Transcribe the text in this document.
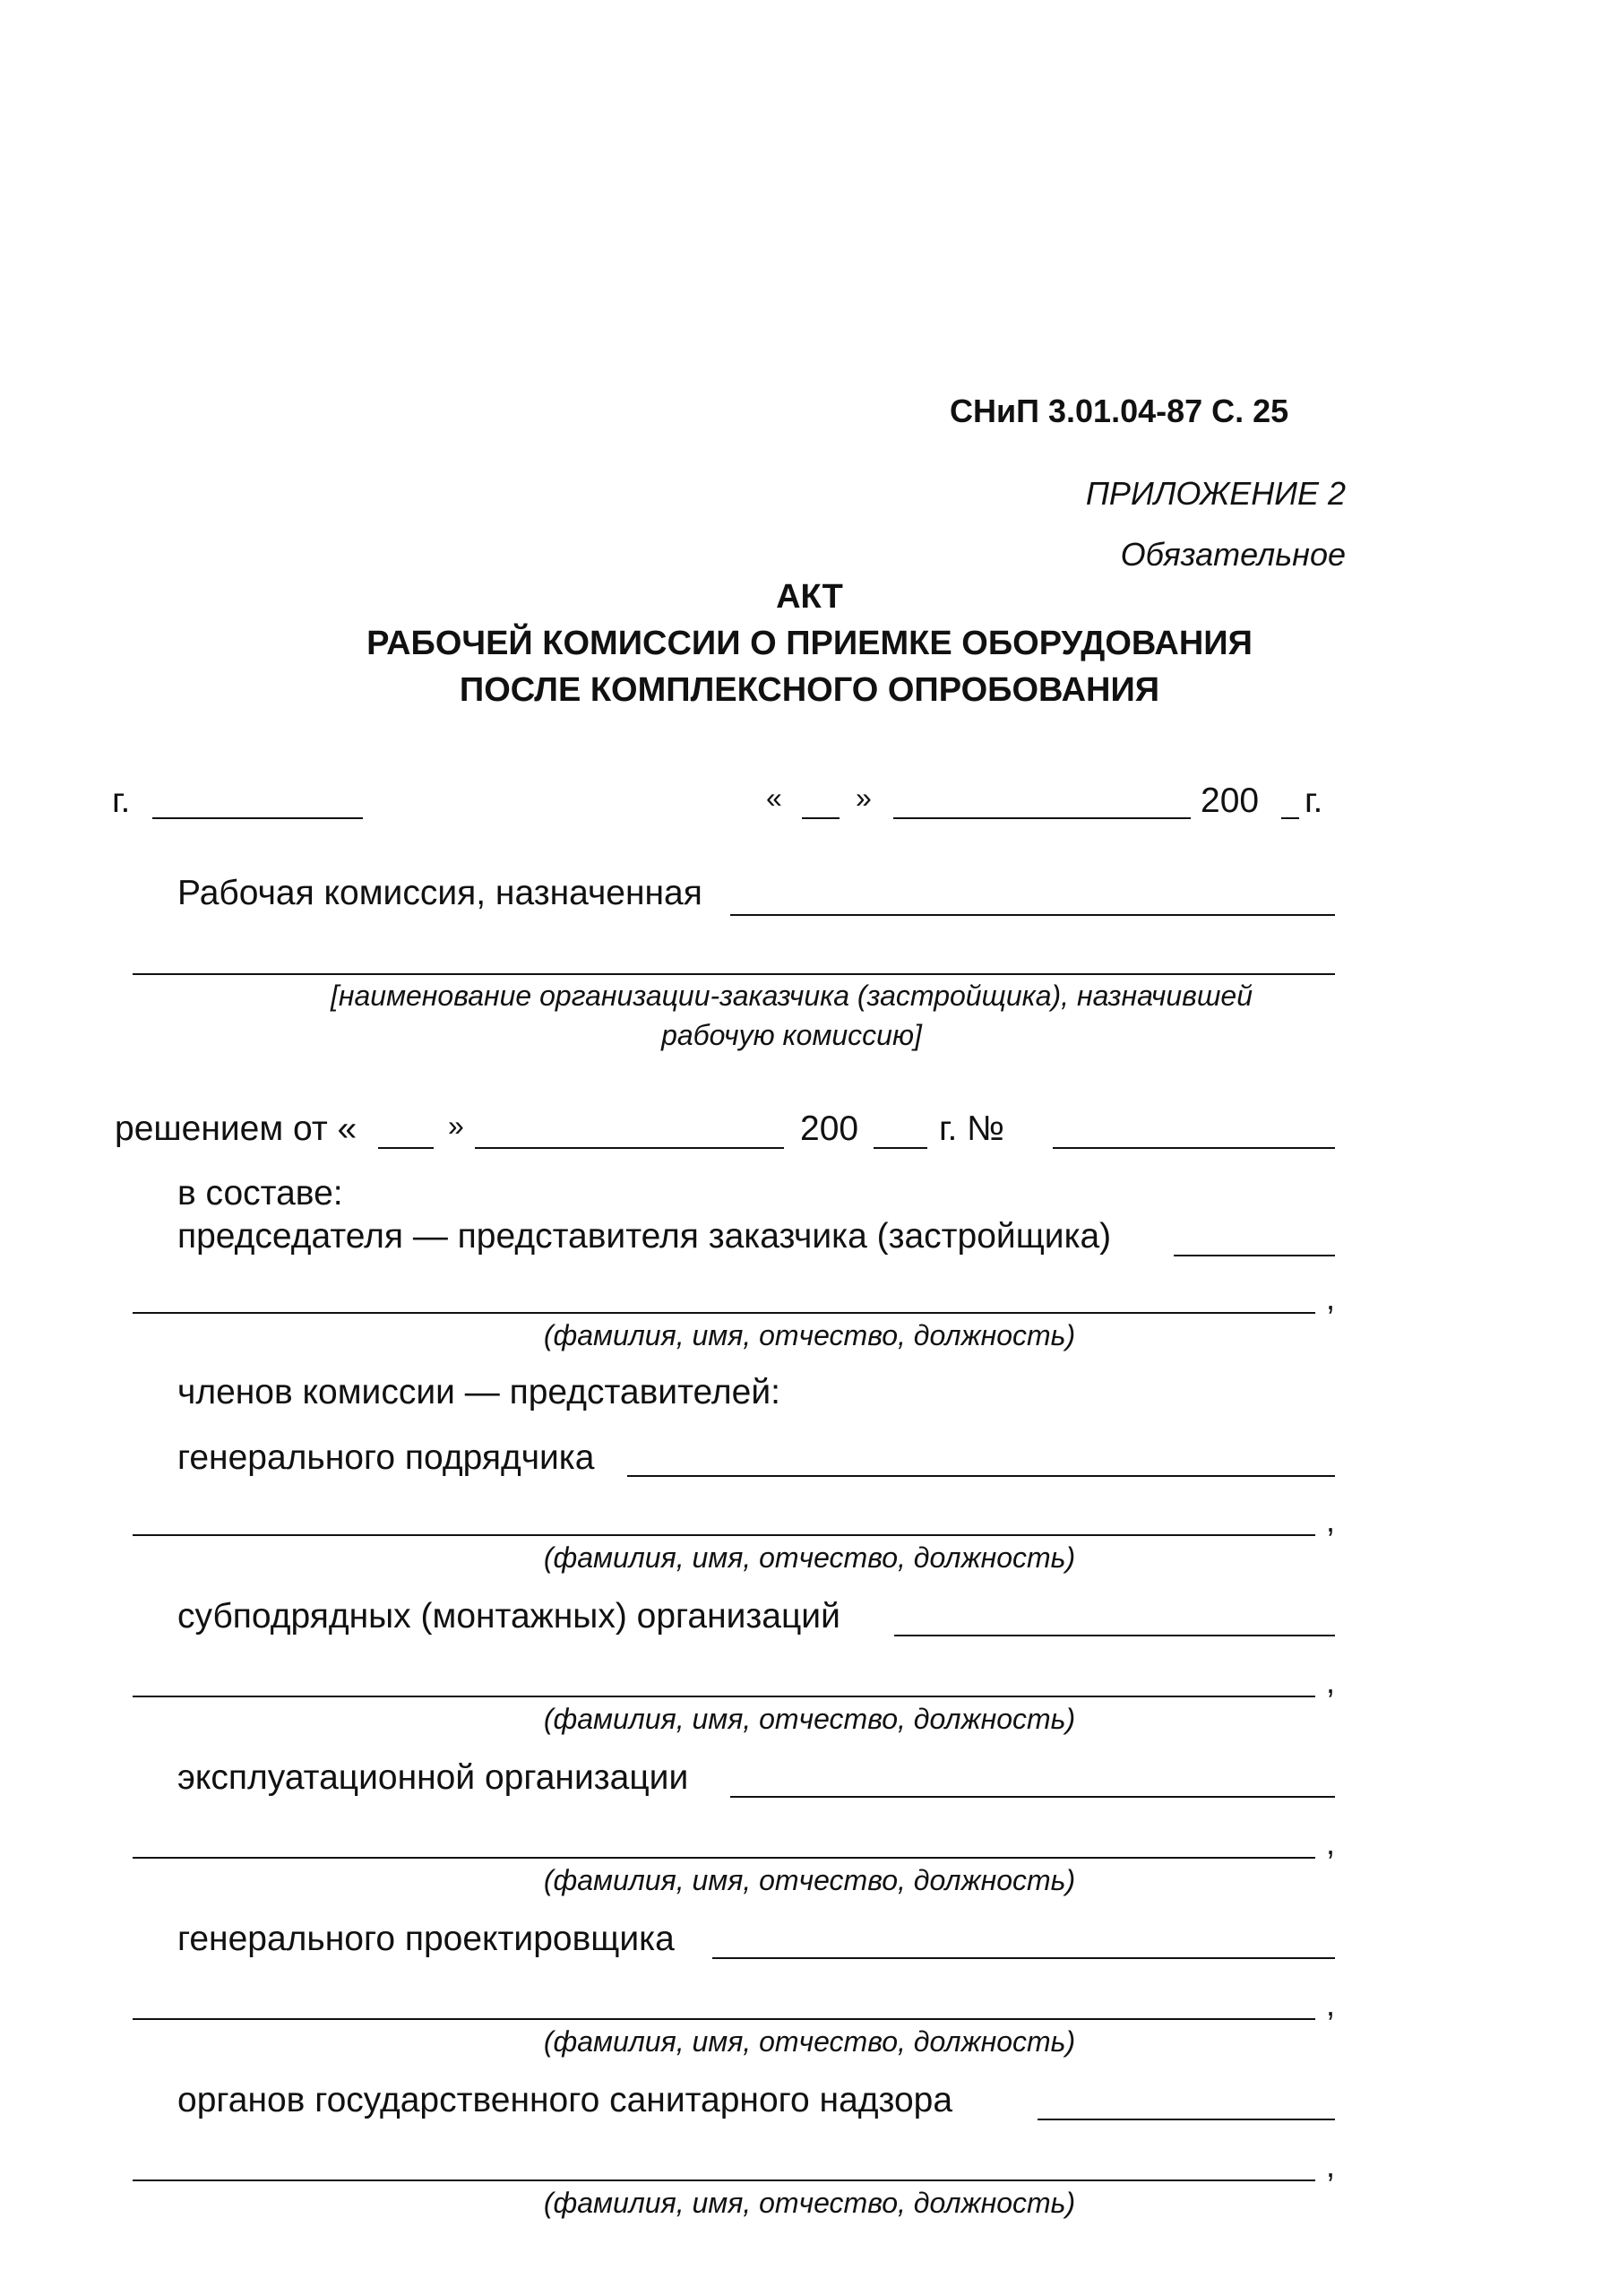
СНиП 3.01.04-87 С. 25
ПРИЛОЖЕНИЕ 2
Обязательное
АКТ
РАБОЧЕЙ КОМИССИИ О ПРИЕМКЕ ОБОРУДОВАНИЯ
ПОСЛЕ КОМПЛЕКСНОГО ОПРОБОВАНИЯ
г.	«	»	200 г.
Рабочая комиссия, назначенная
[наименование организации-заказчика (застройщика), назначившей
рабочую комиссию]
решением от «	»	200 г. №
в составе:
председателя — представителя заказчика (застройщика)
,
(фамилия, имя, отчество, должность)
членов комиссии — представителей:
генерального подрядчика
,
(фамилия, имя, отчество, должность)
субподрядных (монтажных) организаций
,
(фамилия, имя, отчество, должность)
эксплуатационной организации
,
(фамилия, имя, отчество, должность)
генерального проектировщика
,
(фамилия, имя, отчество, должность)
органов государственного санитарного надзора
,
(фамилия, имя, отчество, должность)
